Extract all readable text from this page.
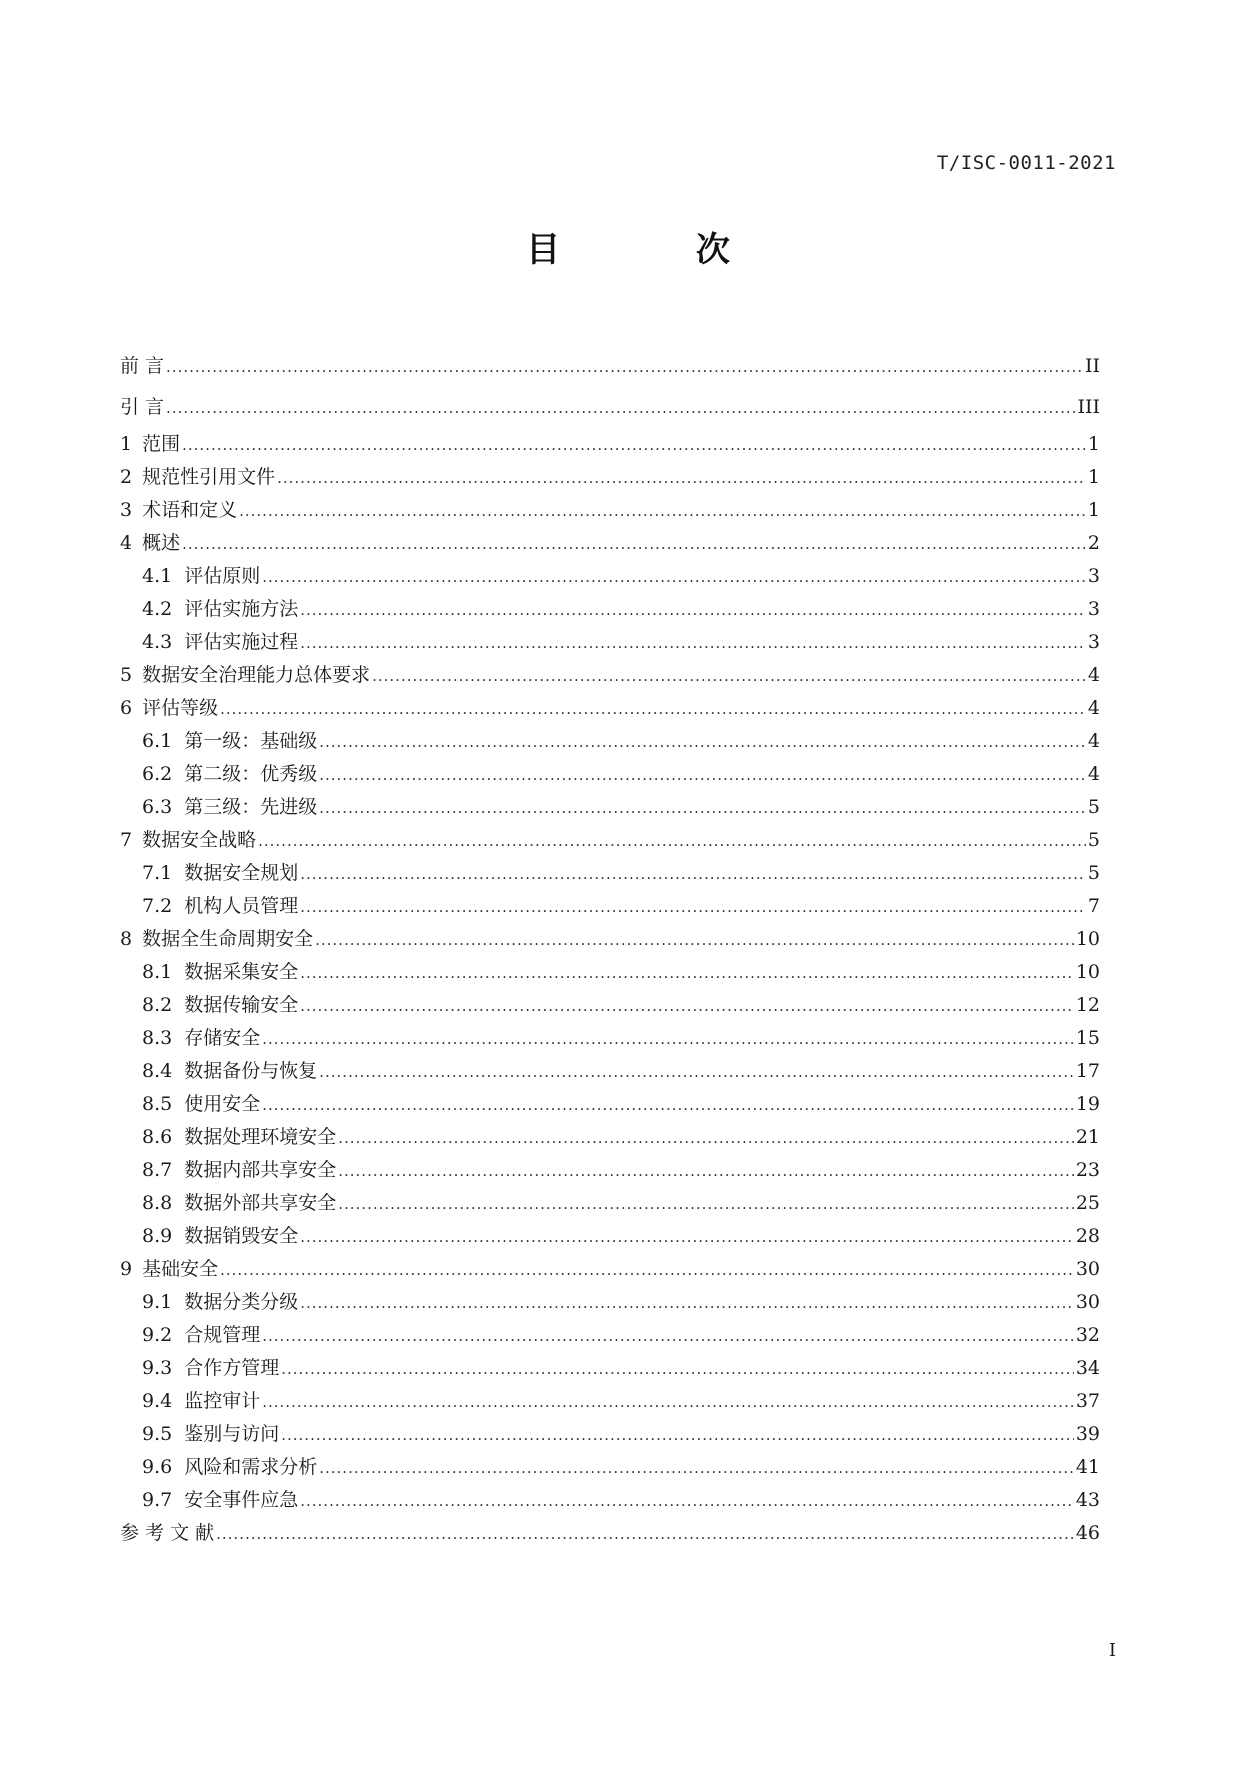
T/ISC-0011-2021
目 次
前 言 .....	II
引 言 .....	III
1 范围 .....	1
2 规范性引用文件 .....	1
3 术语和定义 .....	1
4 概述 .....	2
4.1 评估原则 .....	3
4.2 评估实施方法 .....	3
4.3 评估实施过程 .....	3
5 数据安全治理能力总体要求 .....	4
6 评估等级 .....	4
6.1 第一级：基础级 .....	4
6.2 第二级：优秀级 .....	4
6.3 第三级：先进级 .....	5
7 数据安全战略 .....	5
7.1 数据安全规划 .....	5
7.2 机构人员管理 .....	7
8 数据全生命周期安全 .....	10
8.1 数据采集安全 .....	10
8.2 数据传输安全 .....	12
8.3 存储安全 .....	15
8.4 数据备份与恢复 .....	17
8.5 使用安全 .....	19
8.6 数据处理环境安全 .....	21
8.7 数据内部共享安全 .....	23
8.8 数据外部共享安全 .....	25
8.9 数据销毁安全 .....	28
9 基础安全 .....	30
9.1 数据分类分级 .....	30
9.2 合规管理 .....	32
9.3 合作方管理 .....	34
9.4 监控审计 .....	37
9.5 鉴别与访问 .....	39
9.6 风险和需求分析 .....	41
9.7 安全事件应急 .....	43
参 考 文 献 .....	46
I
